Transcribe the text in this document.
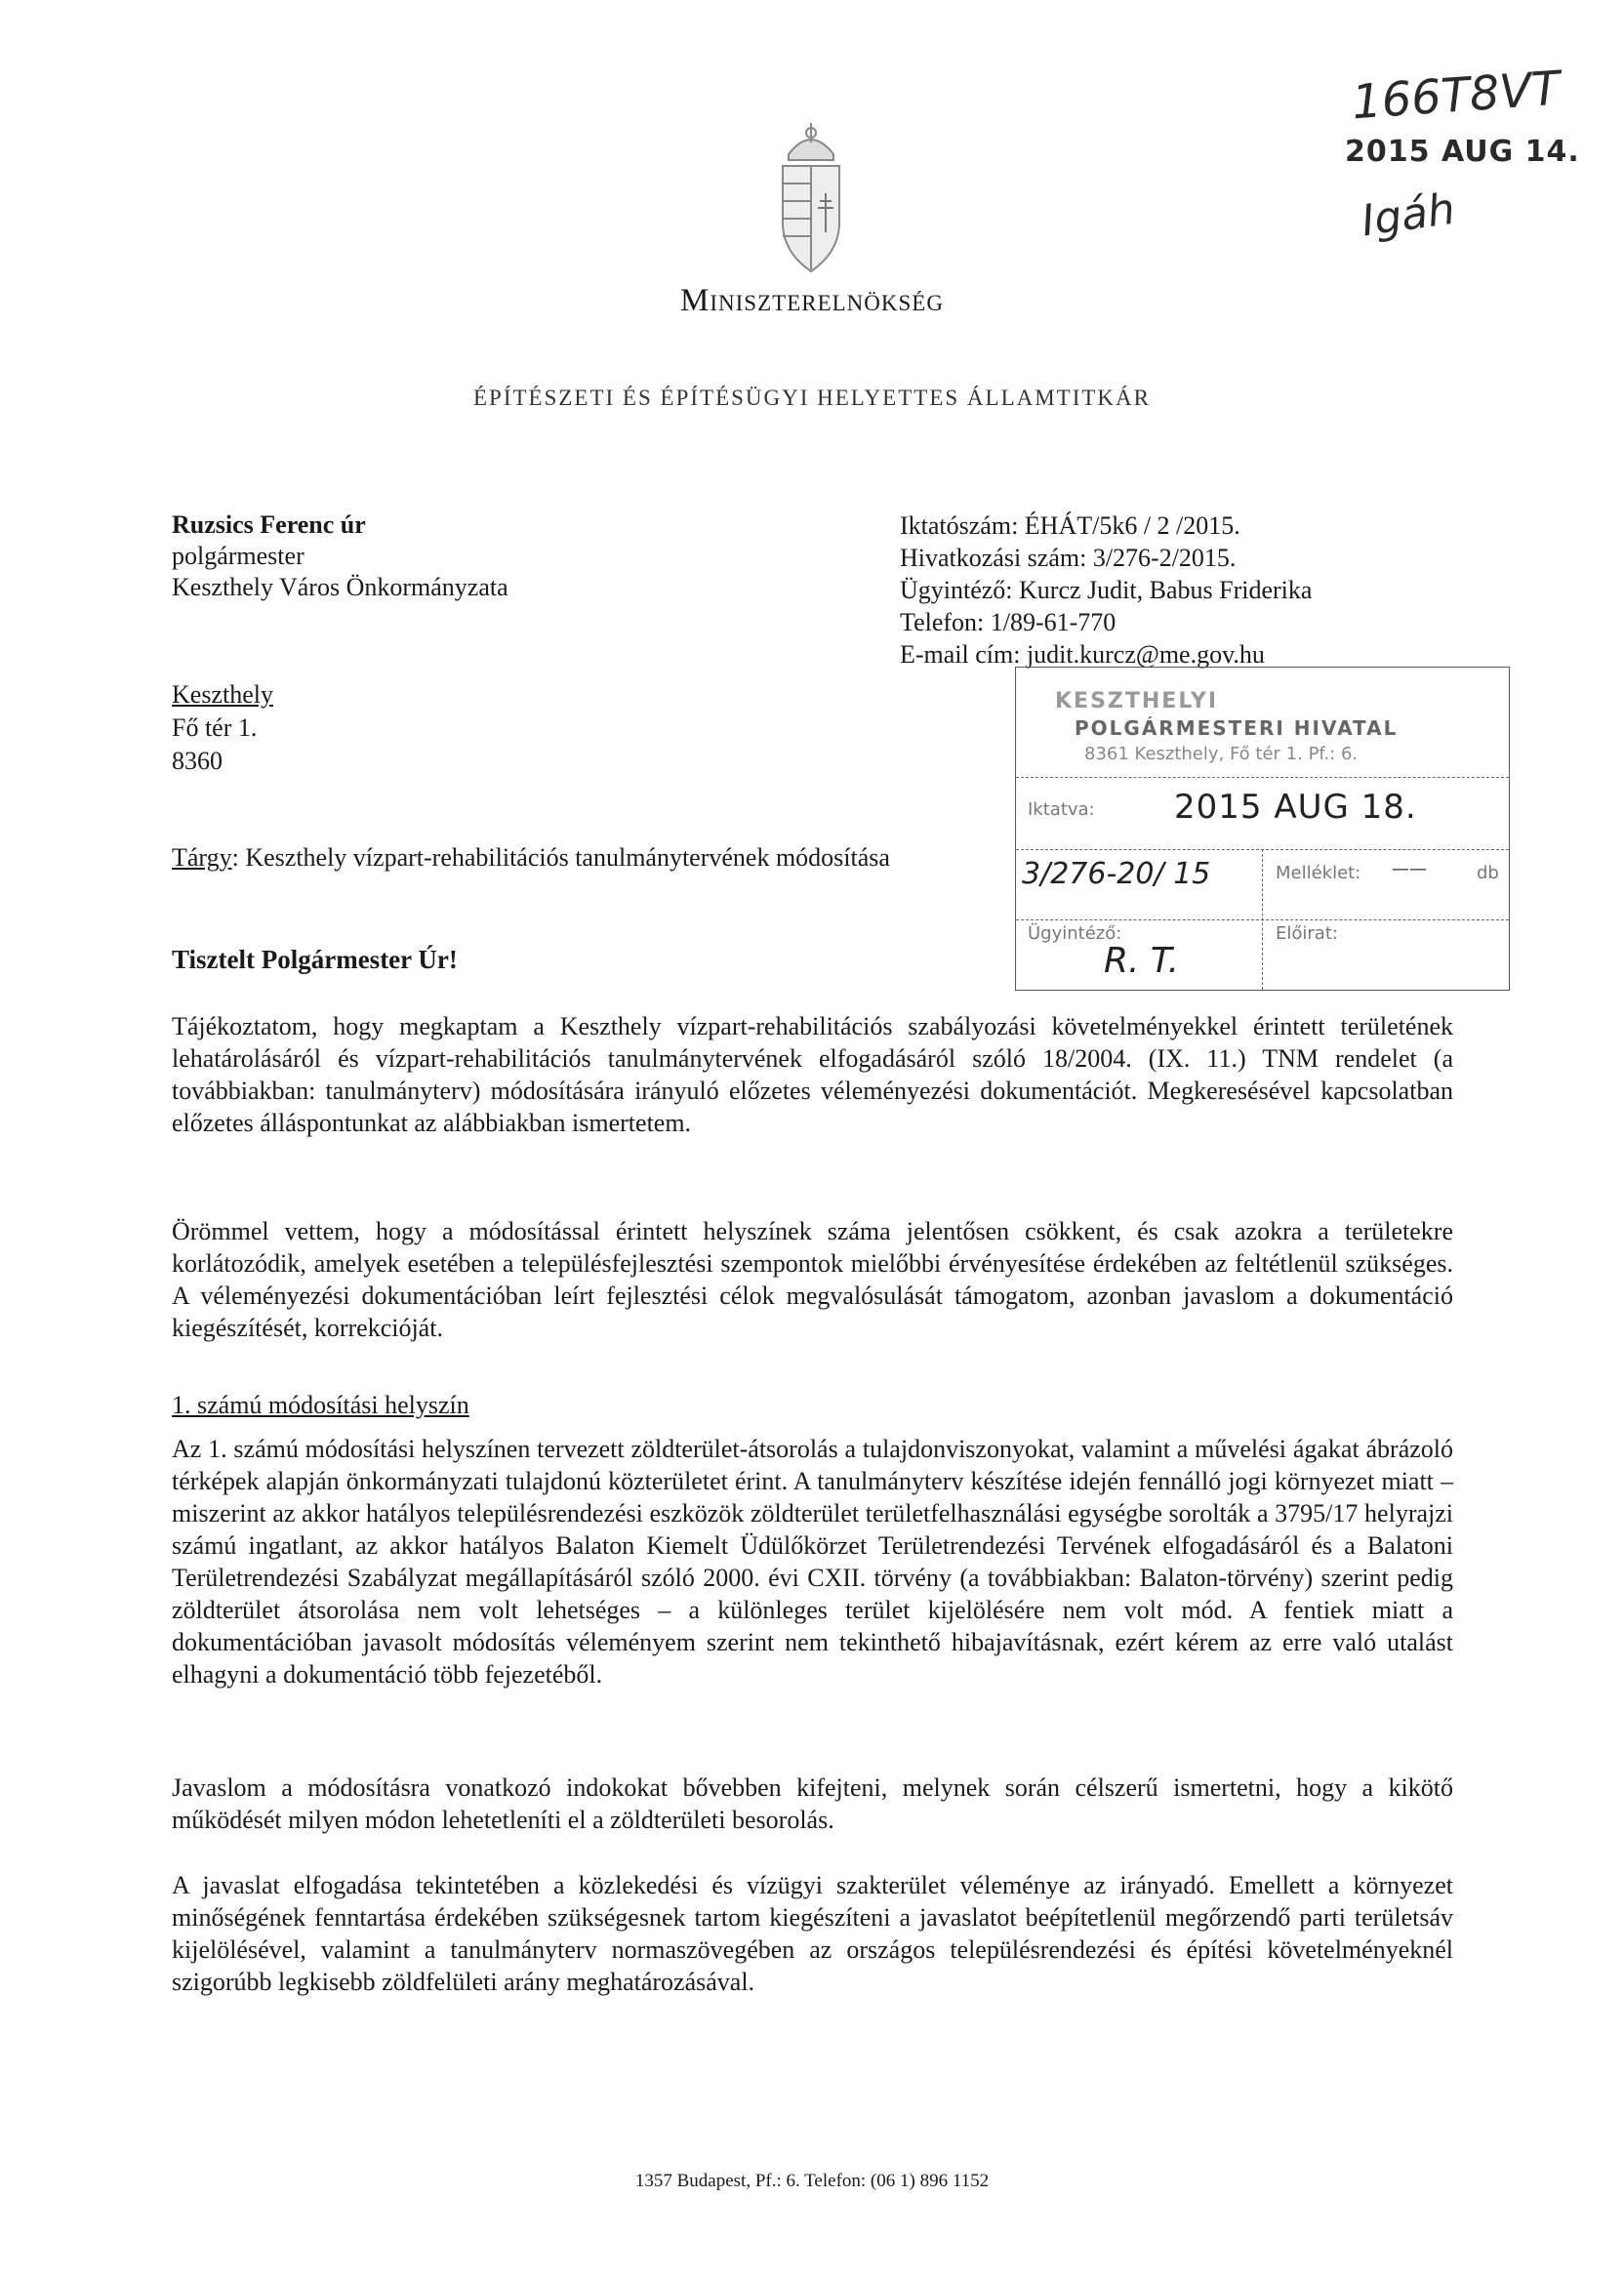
Miniszterelnökség
ÉPÍTÉSZETI ÉS ÉPÍTÉSÜGYI HELYETTES ÁLLAMTITKÁR
166T8VT
2015 AUG 14.
Igáh
Ruzsics Ferenc úr
polgármester
Keszthely Város Önkormányzata
Keszthely
Fő tér 1.
8360
Iktatószám: ÉHÁT/5k6 / 2 /2015.
Hivatkozási szám: 3/276-2/2015.
Ügyintéző: Kurcz Judit, Babus Friderika
Telefon: 1/89-61-770
E-mail cím: judit.kurcz@me.gov.hu
KESZTHELYI
POLGÁRMESTERI HIVATAL
8361 Keszthely, Fő tér 1. Pf.: 6.
Iktatva: 2015 AUG 18.
3/276-20/ 15	Melléklet: ——	db
Ügyintéző:
R. T.
Előirat:
Tárgy: Keszthely vízpart-rehabilitációs tanulmánytervének módosítása
Tisztelt Polgármester Úr!
Tájékoztatom, hogy megkaptam a Keszthely vízpart-rehabilitációs szabályozási követelményekkel érintett területének lehatárolásáról és vízpart-rehabilitációs tanulmánytervének elfogadásáról szóló 18/2004. (IX. 11.) TNM rendelet (a továbbiakban: tanulmányterv) módosítására irányuló előzetes véleményezési dokumentációt. Megkeresésével kapcsolatban előzetes álláspontunkat az alábbiakban ismertetem.
Örömmel vettem, hogy a módosítással érintett helyszínek száma jelentősen csökkent, és csak azokra a területekre korlátozódik, amelyek esetében a településfejlesztési szempontok mielőbbi érvényesítése érdekében az feltétlenül szükséges. A véleményezési dokumentációban leírt fejlesztési célok megvalósulását támogatom, azonban javaslom a dokumentáció kiegészítését, korrekcióját.
1. számú módosítási helyszín
Az 1. számú módosítási helyszínen tervezett zöldterület-átsorolás a tulajdonviszonyokat, valamint a művelési ágakat ábrázoló térképek alapján önkormányzati tulajdonú közterületet érint. A tanulmányterv készítése idején fennálló jogi környezet miatt – miszerint az akkor hatályos településrendezési eszközök zöldterület területfelhasználási egységbe sorolták a 3795/17 helyrajzi számú ingatlant, az akkor hatályos Balaton Kiemelt Üdülőkörzet Területrendezési Tervének elfogadásáról és a Balatoni Területrendezési Szabályzat megállapításáról szóló 2000. évi CXII. törvény (a továbbiakban: Balaton-törvény) szerint pedig zöldterület átsorolása nem volt lehetséges – a különleges terület kijelölésére nem volt mód. A fentiek miatt a dokumentációban javasolt módosítás véleményem szerint nem tekinthető hibajavításnak, ezért kérem az erre való utalást elhagyni a dokumentáció több fejezetéből.
Javaslom a módosításra vonatkozó indokokat bővebben kifejteni, melynek során célszerű ismertetni, hogy a kikötő működését milyen módon lehetetleníti el a zöldterületi besorolás.
A javaslat elfogadása tekintetében a közlekedési és vízügyi szakterület véleménye az irányadó. Emellett a környezet minőségének fenntartása érdekében szükségesnek tartom kiegészíteni a javaslatot beépítetlenül megőrzendő parti területsáv kijelölésével, valamint a tanulmányterv normaszövegében az országos településrendezési és építési követelményeknél szigorúbb legkisebb zöldfelületi arány meghatározásával.
1357 Budapest, Pf.: 6. Telefon: (06 1) 896 1152
